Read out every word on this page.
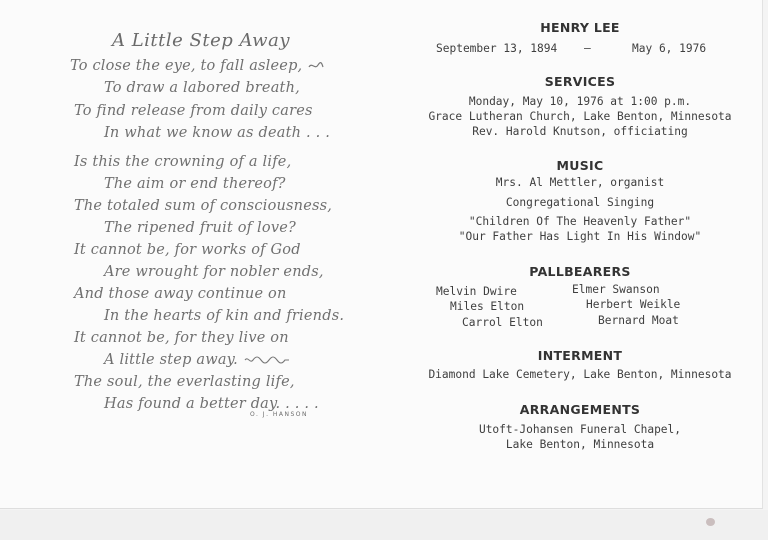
A Little Step Away
To close the eye, to fall asleep,
To draw a labored breath,
To find release from daily cares
In what we know as death . . .
Is this the crowning of a life,
The aim or end thereof?
The totaled sum of consciousness,
The ripened fruit of love?
It cannot be, for works of God
Are wrought for nobler ends,
And those away continue on
In the hearts of kin and friends.
It cannot be, for they live on
A little step away.
The soul, the everlasting life,
Has found a better day. . . . .
O. J. HANSON
HENRY LEE
September 13, 1894 —	May 6, 1976
SERVICES
Monday, May 10, 1976 at 1:00 p.m.
Grace Lutheran Church, Lake Benton, Minnesota
Rev. Harold Knutson, officiating
MUSIC
Mrs. Al Mettler, organist
Congregational Singing
"Children Of The Heavenly Father"
"Our Father Has Light In His Window"
PALLBEARERS
Melvin Dwire	Elmer Swanson
Miles Elton	Herbert Weikle
Carrol Elton	Bernard Moat
INTERMENT
Diamond Lake Cemetery, Lake Benton, Minnesota
ARRANGEMENTS
Utoft-Johansen Funeral Chapel,
Lake Benton, Minnesota
